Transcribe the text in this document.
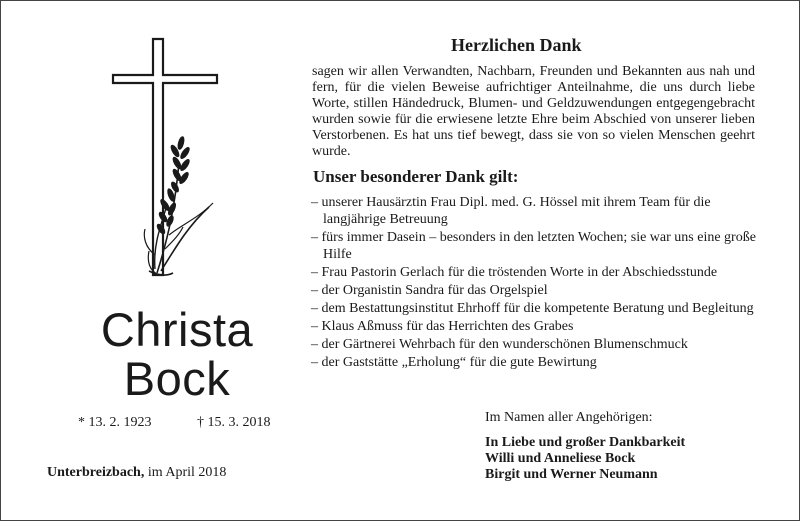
Christa
Bock
* 13. 2. 1923	† 15. 3. 2018
Unterbreizbach, im April 2018
Herzlichen Dank

sagen wir allen Verwandten, Nachbarn, Freunden und Bekannten aus nah und fern, für die vielen Beweise aufrichtiger Anteilnahme, die uns durch liebe Worte, stillen Händedruck, Blumen- und Geldzuwendungen entgegengebracht wurden sowie für die erwiesene letzte Ehre beim Abschied von unserer lieben Verstorbenen. Es hat uns tief bewegt, dass sie von so vielen Menschen geehrt wurde.

Unser besonderer Dank gilt:
– unserer Hausärztin Frau Dipl. med. G. Hössel mit ihrem Team für die langjährige Betreuung
– fürs immer Dasein – besonders in den letzten Wochen; sie war uns eine große Hilfe
– Frau Pastorin Gerlach für die tröstenden Worte in der Abschiedsstunde
– der Organistin Sandra für das Orgelspiel
– dem Bestattungsinstitut Ehrhoff für die kompetente Beratung und Begleitung
– Klaus Aßmuss für das Herrichten des Grabes
– der Gärtnerei Wehrbach für den wunderschönen Blumenschmuck
– der Gaststätte „Erholung“ für die gute Bewirtung
Im Namen aller Angehörigen:
In Liebe und großer Dankbarkeit
Willi und Anneliese Bock
Birgit und Werner Neumann
